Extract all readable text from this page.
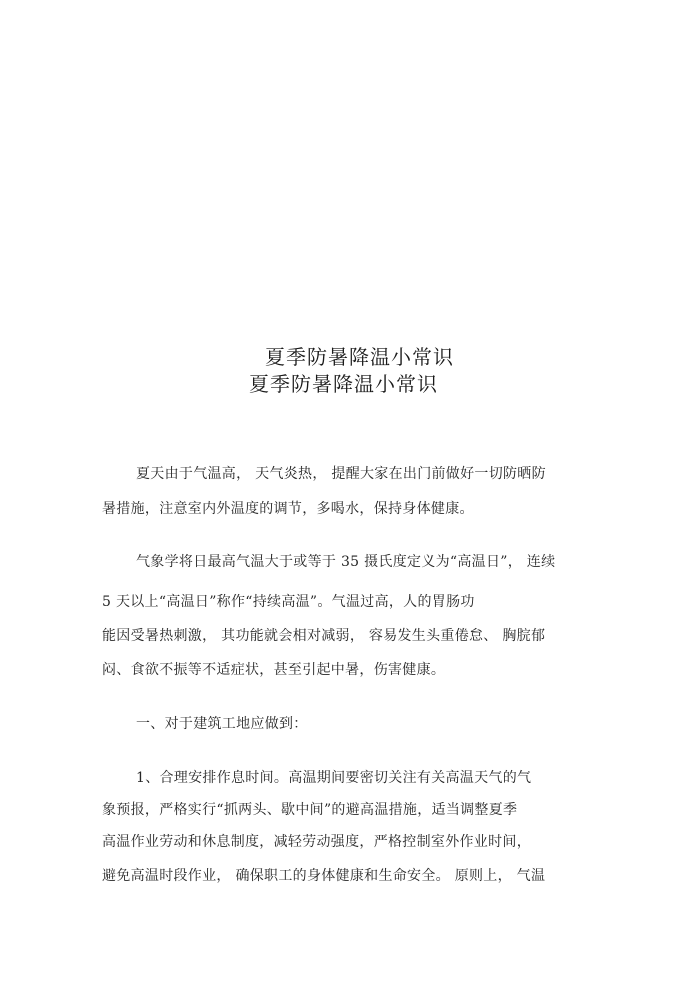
夏季防暑降温小常识
夏季防暑降温小常识
夏天由于气温高， 天气炎热， 提醒大家在出门前做好一切防晒防
暑措施，注意室内外温度的调节，多喝水，保持身体健康。
气象学将日最高气温大于或等于 35 摄氏度定义为“高温日”， 连续
5 天以上“高温日”称作“持续高温”。气温过高，人的胃肠功
能因受暑热刺激， 其功能就会相对减弱， 容易发生头重倦怠、 胸脘郁
闷、食欲不振等不适症状，甚至引起中暑，伤害健康。
一、对于建筑工地应做到：
1、合理安排作息时间。高温期间要密切关注有关高温天气的气
象预报，严格实行“抓两头、歇中间”的避高温措施，适当调整夏季
高温作业劳动和休息制度，减轻劳动强度，严格控制室外作业时间，
避免高温时段作业， 确保职工的身体健康和生命安全。 原则上， 气温
